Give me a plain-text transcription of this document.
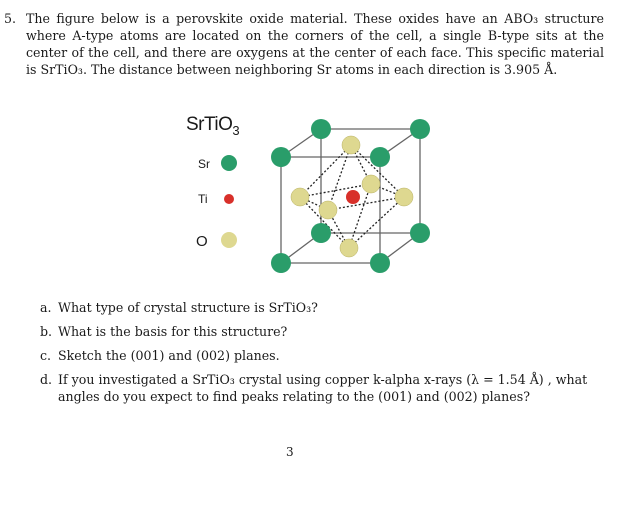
5. The figure below is a perovskite oxide material. These oxides have an ABO₃ structure where A-type atoms are located on the corners of the cell, a single B-type sits at the center of the cell, and there are oxygens at the center of each face. This specific material is SrTiO₃. The distance between neighboring Sr atoms in each direction is 3.905 Å.
SrTiO$_3$
Sr
Ti
O
a. What type of crystal structure is SrTiO₃?
b. What is the basis for this structure?
c. Sketch the (001) and (002) planes.
d. If you investigated a SrTiO₃ crystal using copper k-alpha x-rays (λ = 1.54 Å) , what angles do you expect to find peaks relating to the (001) and (002) planes?
3
